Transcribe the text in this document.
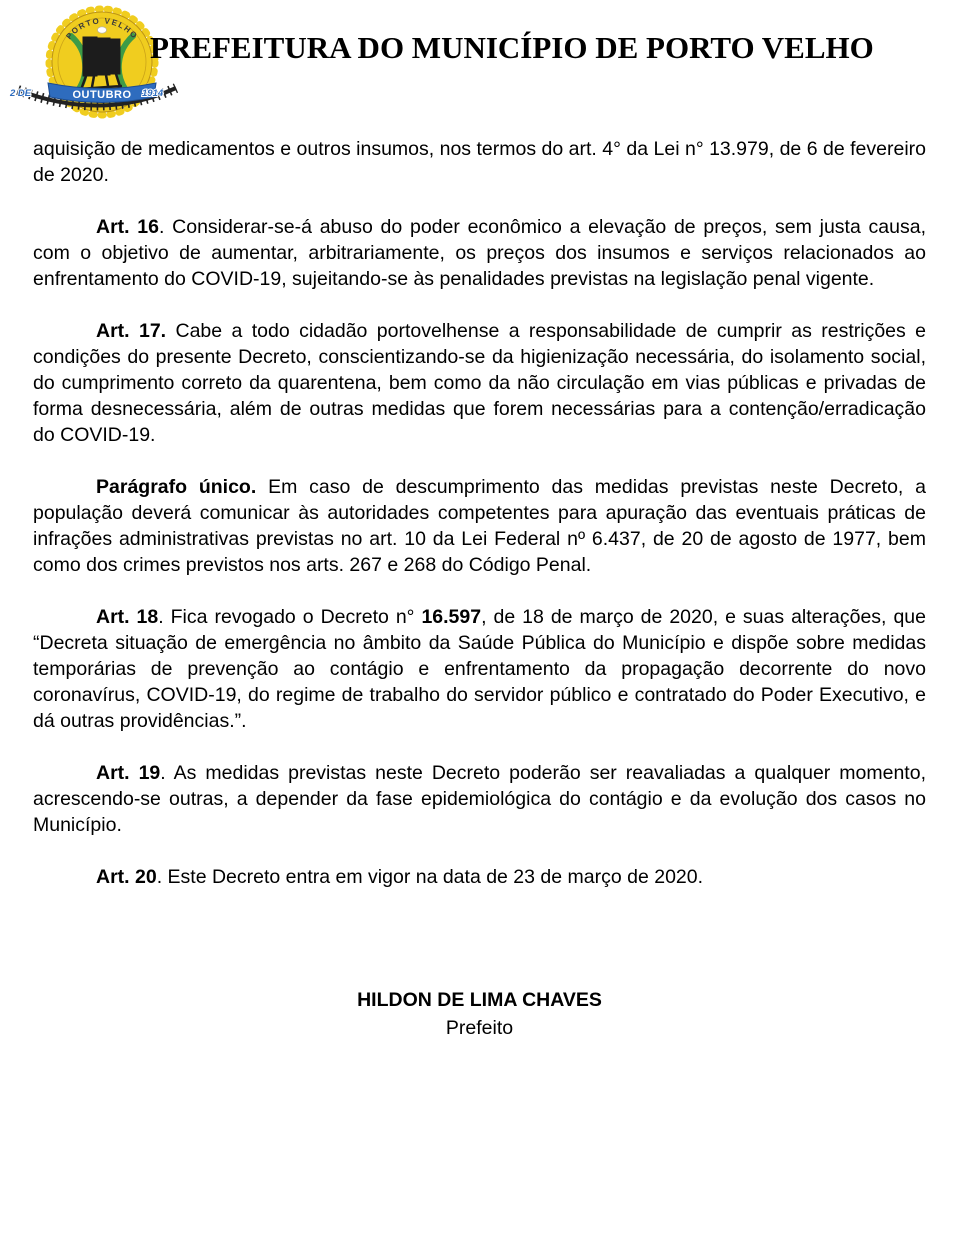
PORTO VELHO
OUTUBRO
2 DE	1914
PREFEITURA DO MUNICÍPIO DE PORTO VELHO

aquisição de medicamentos e outros insumos, nos termos do art. 4° da Lei n° 13.979, de 6 de fevereiro de 2020.

Art. 16. Considerar-se-á abuso do poder econômico a elevação de preços, sem justa causa, com o objetivo de aumentar, arbitrariamente, os preços dos insumos e serviços relacionados ao enfrentamento do COVID-19, sujeitando-se às penalidades previstas na legislação penal vigente.

Art. 17. Cabe a todo cidadão portovelhense a responsabilidade de cumprir as restrições e condições do presente Decreto, conscientizando-se da higienização necessária, do isolamento social, do cumprimento correto da quarentena, bem como da não circulação em vias públicas e privadas de forma desnecessária, além de outras medidas que forem necessárias para a contenção/erradicação do COVID-19.

Parágrafo único. Em caso de descumprimento das medidas previstas neste Decreto, a população deverá comunicar às autoridades competentes para apuração das eventuais práticas de infrações administrativas previstas no art. 10 da Lei Federal nº 6.437, de 20 de agosto de 1977, bem como dos crimes previstos nos arts. 267 e 268 do Código Penal.

Art. 18. Fica revogado o Decreto n° 16.597, de 18 de março de 2020, e suas alterações, que “Decreta situação de emergência no âmbito da Saúde Pública do Município e dispõe sobre medidas temporárias de prevenção ao contágio e enfrentamento da propagação decorrente do novo coronavírus, COVID-19, do regime de trabalho do servidor público e contratado do Poder Executivo, e dá outras providências.”.

Art. 19. As medidas previstas neste Decreto poderão ser reavaliadas a qualquer momento, acrescendo-se outras, a depender da fase epidemiológica do contágio e da evolução dos casos no Município.

Art. 20. Este Decreto entra em vigor na data de 23 de março de 2020.

HILDON DE LIMA CHAVES
Prefeito
